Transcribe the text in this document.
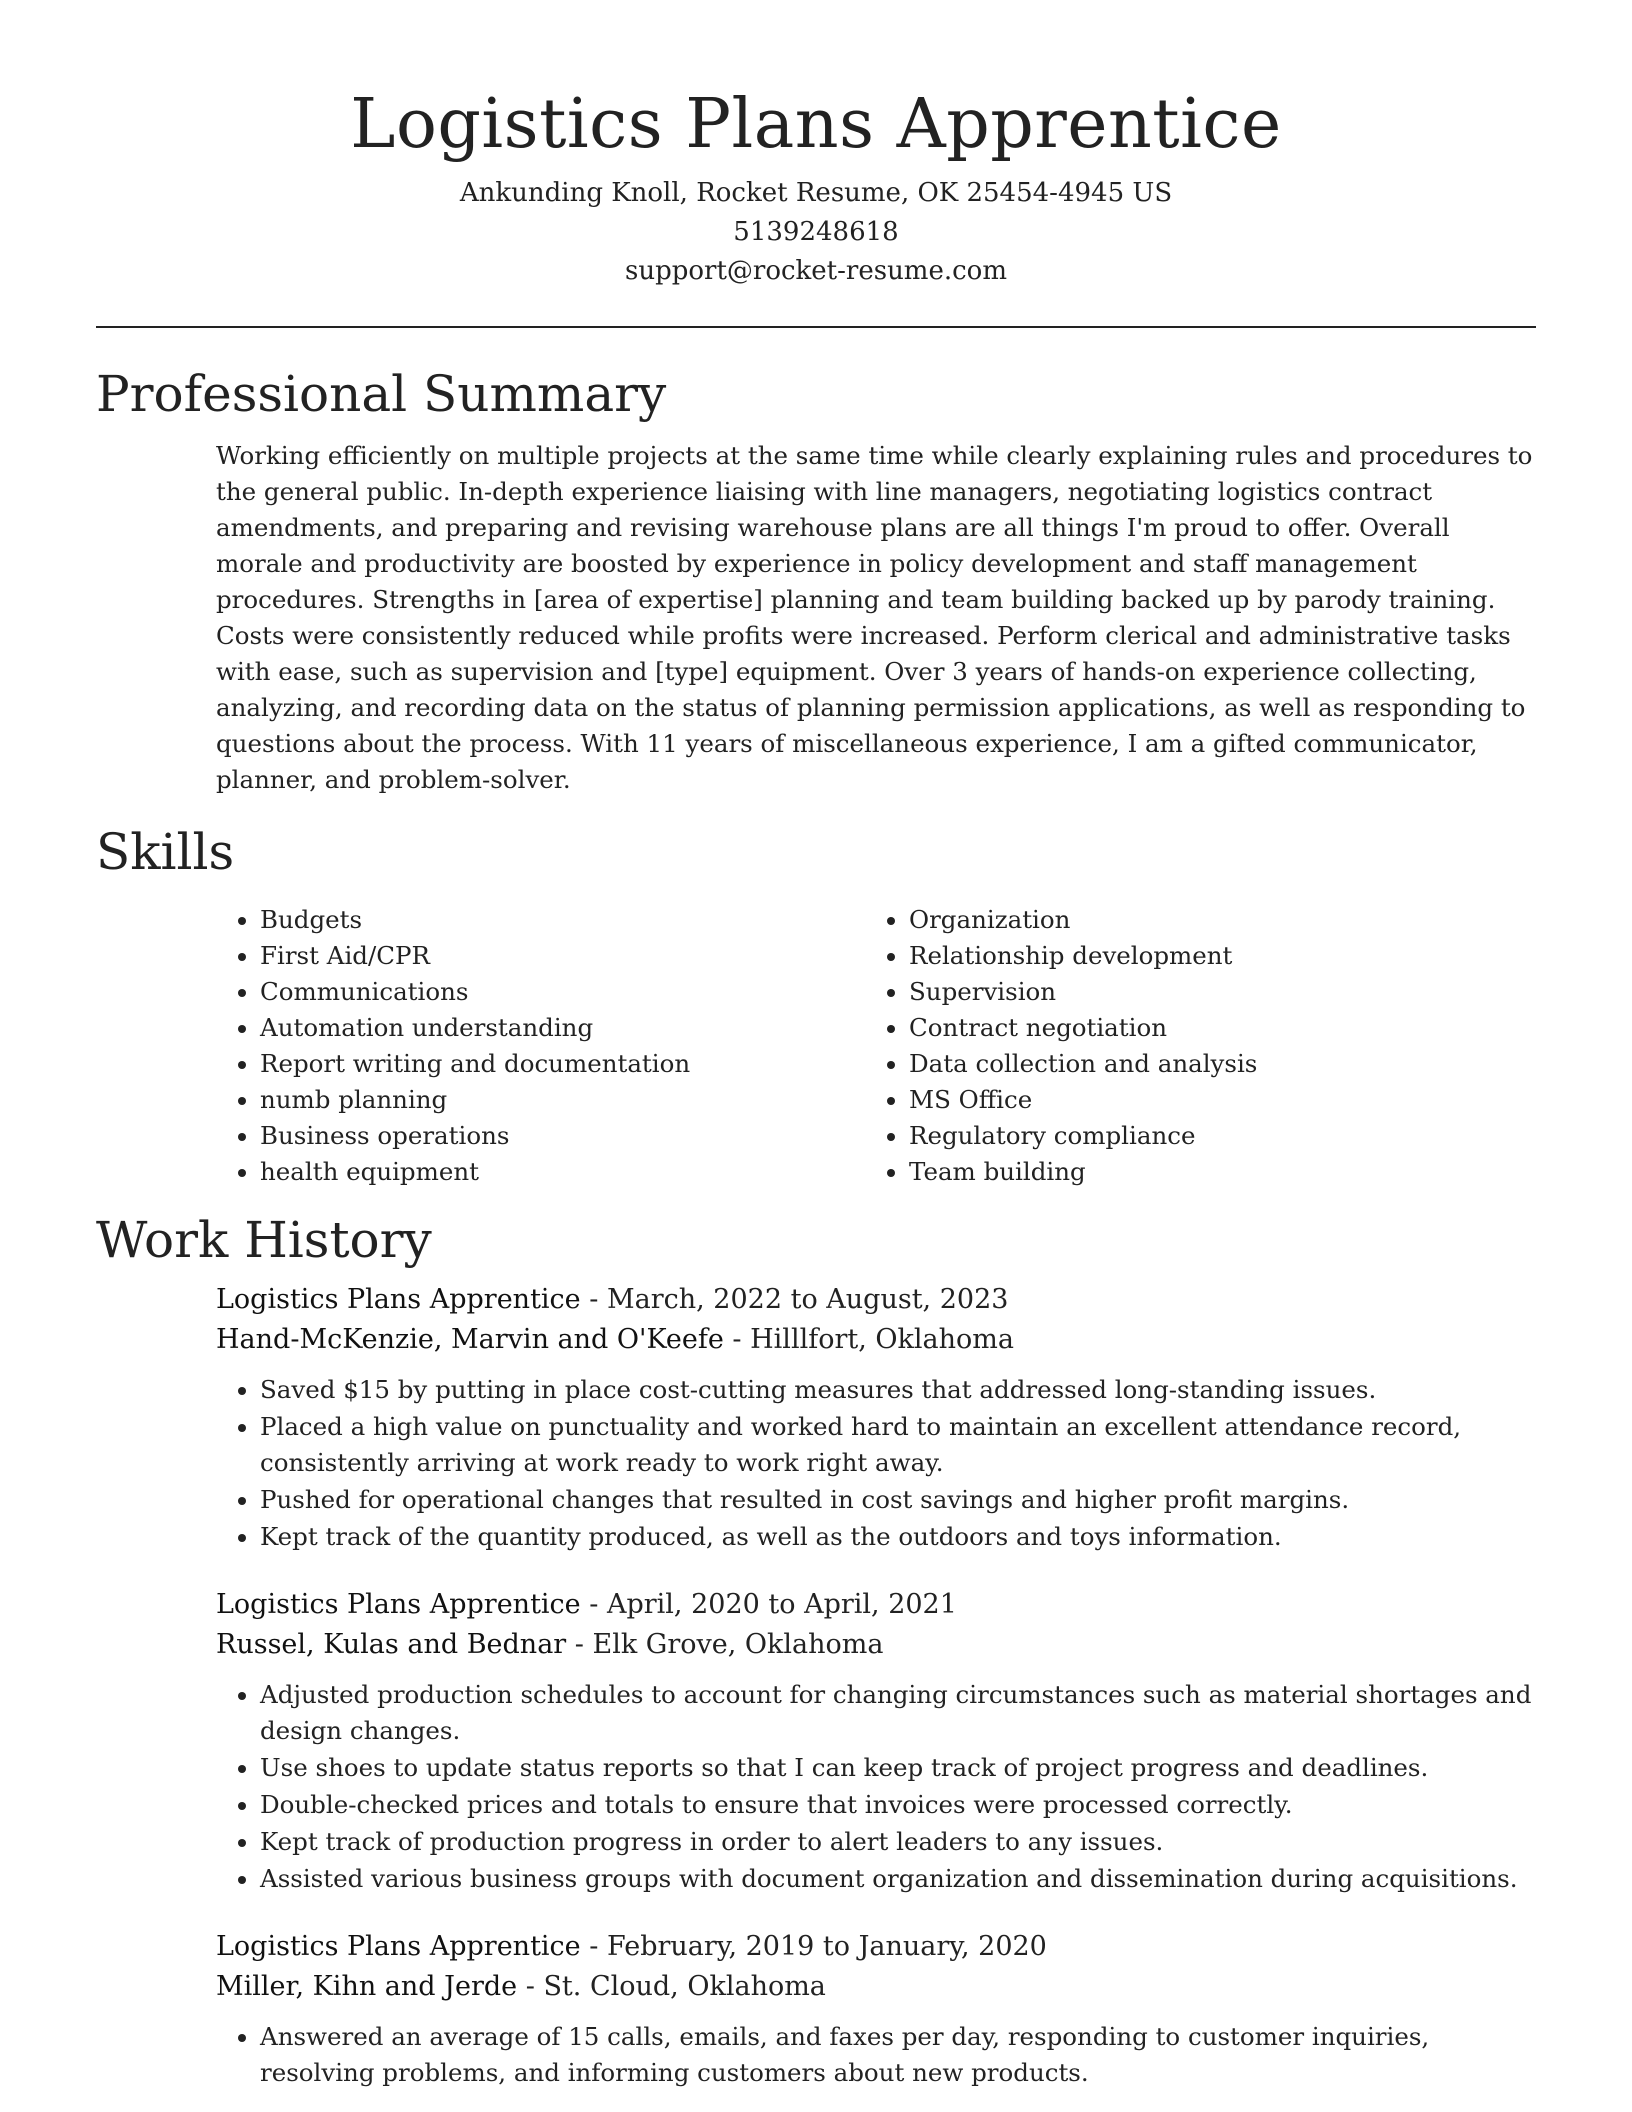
Logistics Plans Apprentice
Ankunding Knoll, Rocket Resume, OK 25454-4945 US
5139248618
support@rocket-resume.com
Professional Summary

Working efficiently on multiple projects at the same time while clearly explaining rules and procedures to the general public. In-depth experience liaising with line managers, negotiating logistics contract amendments, and preparing and revising warehouse plans are all things I'm proud to offer. Overall morale and productivity are boosted by experience in policy development and staff management procedures. Strengths in [area of expertise] planning and team building backed up by parody training. Costs were consistently reduced while profits were increased. Perform clerical and administrative tasks with ease, such as supervision and [type] equipment. Over 3 years of hands-on experience collecting, analyzing, and recording data on the status of planning permission applications, as well as responding to questions about the process. With 11 years of miscellaneous experience, I am a gifted communicator, planner, and problem-solver.

Skills
• Budgets
• First Aid/CPR
• Communications
• Automation understanding
• Report writing and documentation
• numb planning
• Business operations
• health equipment
• Organization
• Relationship development
• Supervision
• Contract negotiation
• Data collection and analysis
• MS Office
• Regulatory compliance
• Team building
Work History
Logistics Plans Apprentice - March, 2022 to August, 2023
Hand-McKenzie, Marvin and O'Keefe - Hilllfort, Oklahoma
• Saved $15 by putting in place cost-cutting measures that addressed long-standing issues.
• Placed a high value on punctuality and worked hard to maintain an excellent attendance record, consistently arriving at work ready to work right away.
• Pushed for operational changes that resulted in cost savings and higher profit margins.
• Kept track of the quantity produced, as well as the outdoors and toys information.
Logistics Plans Apprentice - April, 2020 to April, 2021
Russel, Kulas and Bednar - Elk Grove, Oklahoma
• Adjusted production schedules to account for changing circumstances such as material shortages and design changes.
• Use shoes to update status reports so that I can keep track of project progress and deadlines.
• Double-checked prices and totals to ensure that invoices were processed correctly.
• Kept track of production progress in order to alert leaders to any issues.
• Assisted various business groups with document organization and dissemination during acquisitions.
Logistics Plans Apprentice - February, 2019 to January, 2020
Miller, Kihn and Jerde - St. Cloud, Oklahoma
• Answered an average of 15 calls, emails, and faxes per day, responding to customer inquiries, resolving problems, and informing customers about new products.
